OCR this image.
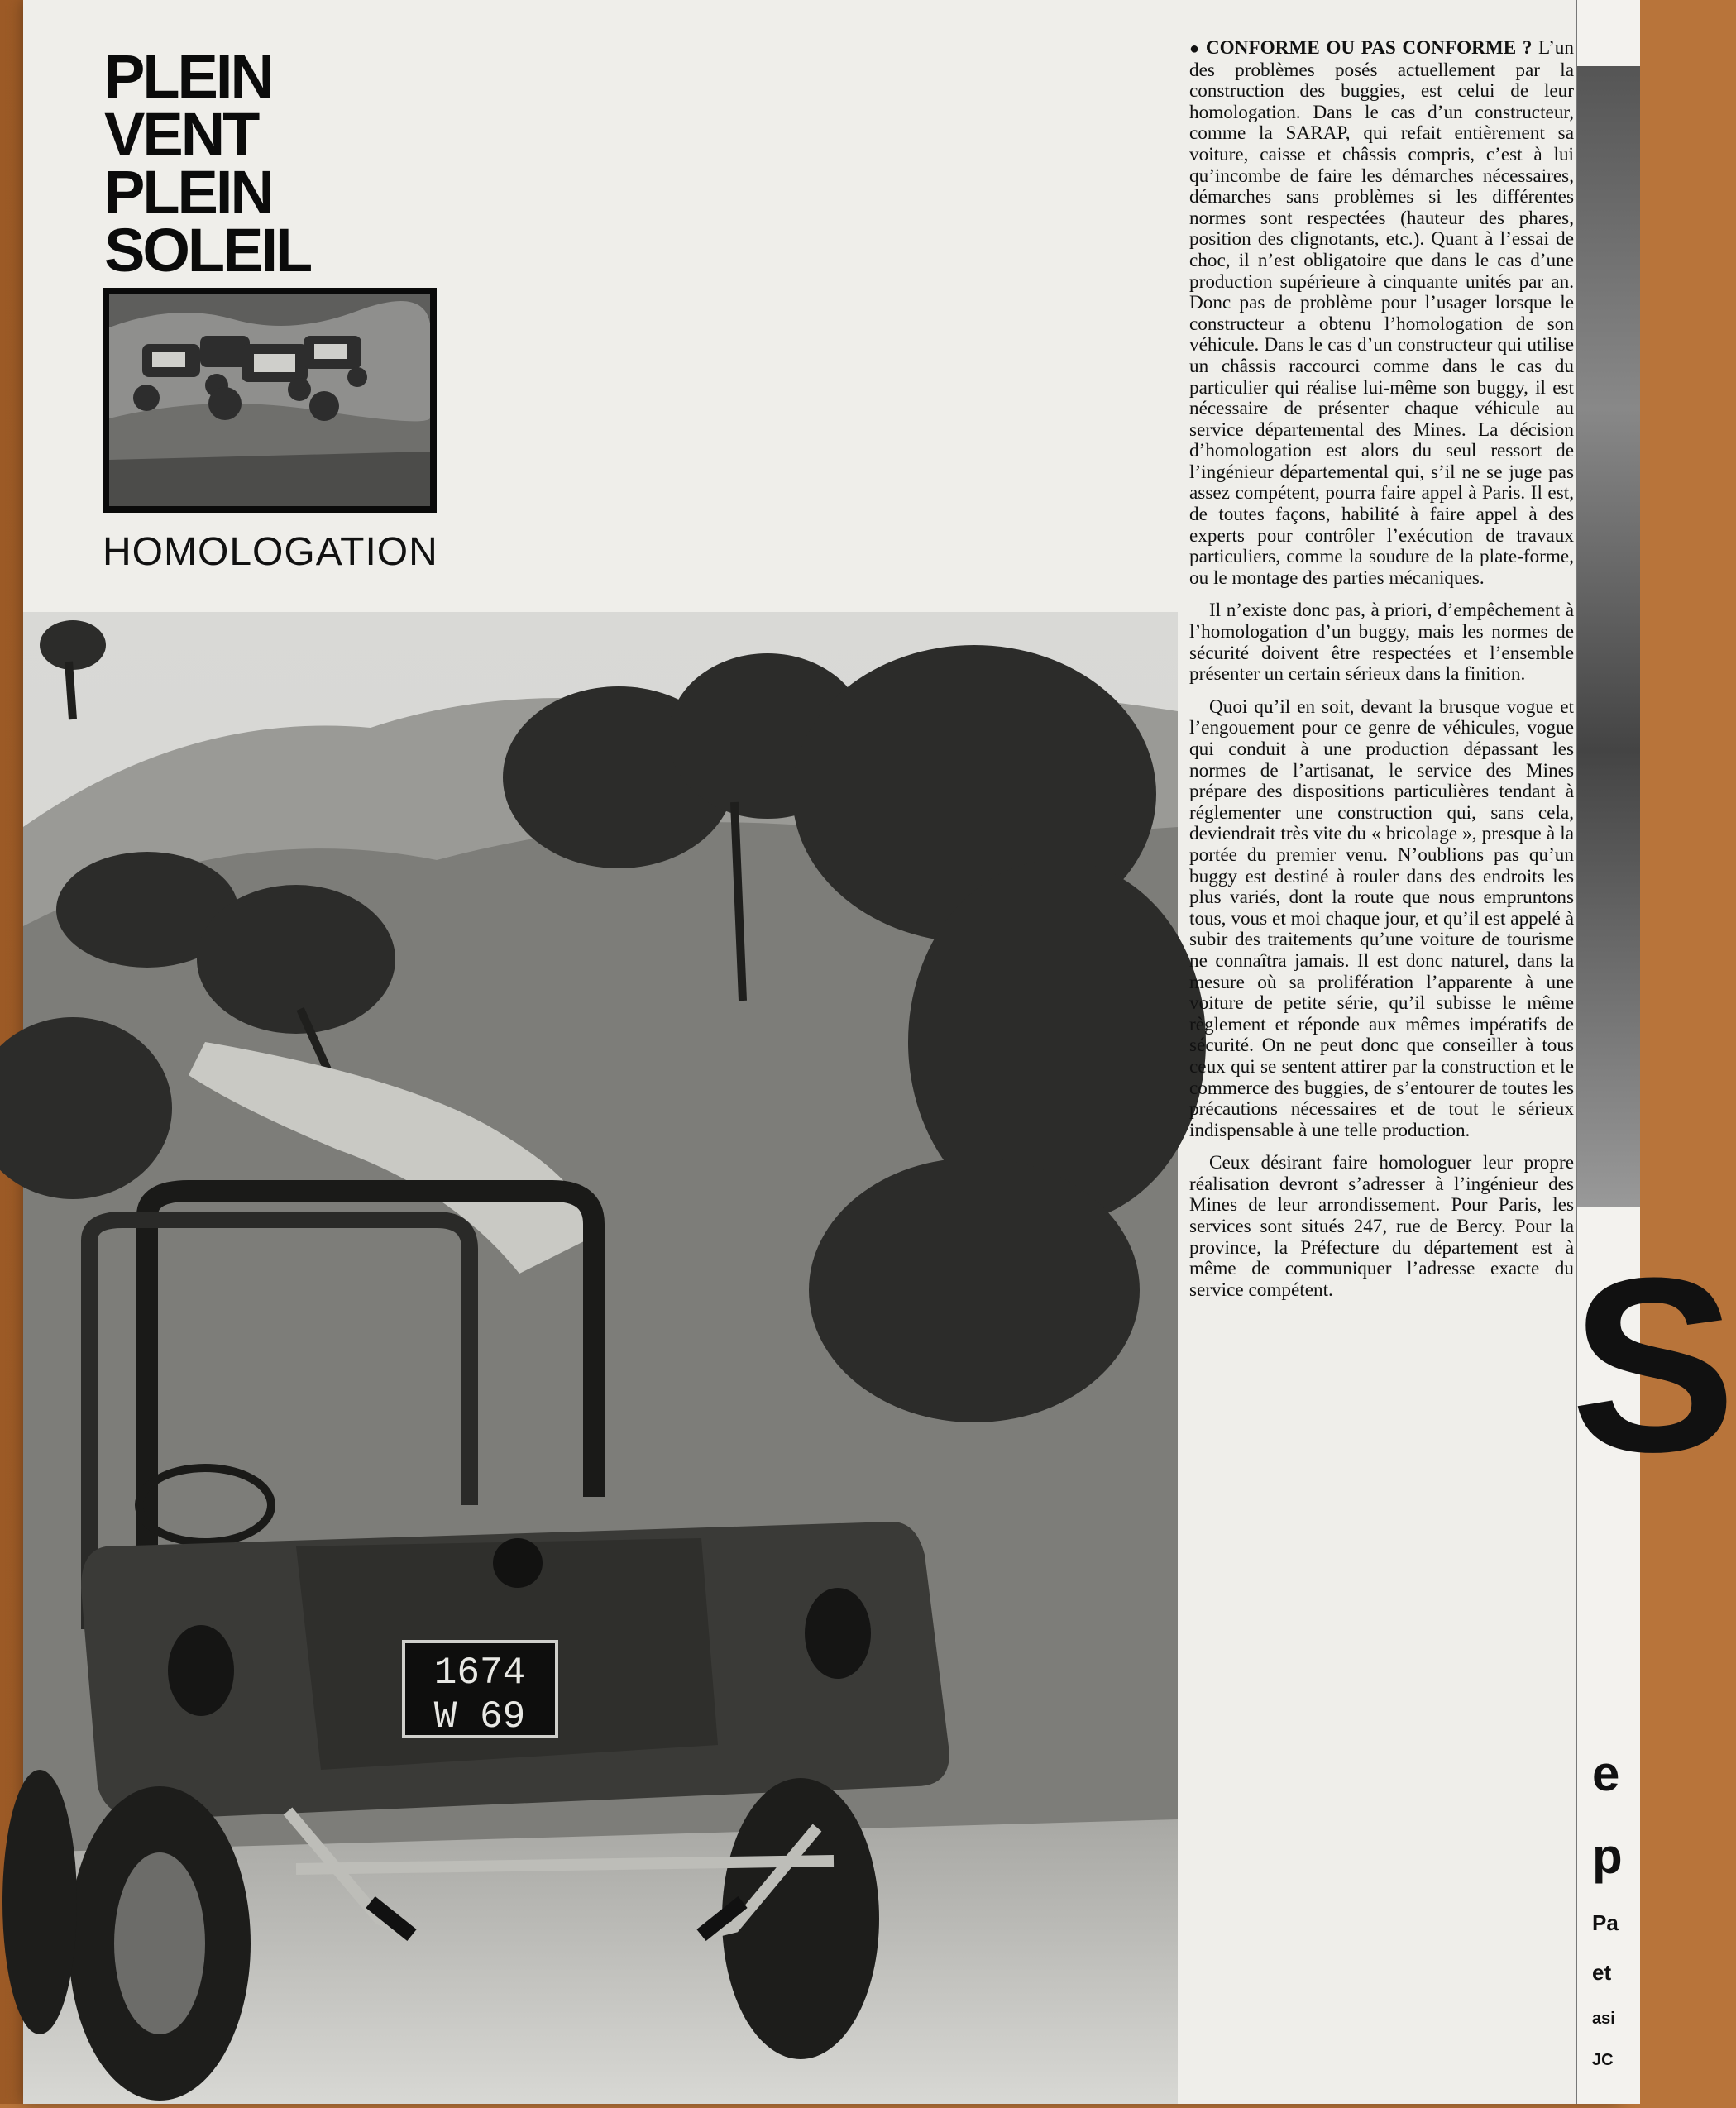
PLEIN
VENT
PLEIN
SOLEIL
HOMOLOGATION
1674
W 69

● CONFORME OU PAS CONFORME ? L’un des problèmes posés actuellement par la construction des buggies, est celui de leur homologation. Dans le cas d’un constructeur, comme la SARAP, qui refait entièrement sa voiture, caisse et châssis compris, c’est à lui qu’incombe de faire les démarches nécessaires, démarches sans problèmes si les différentes normes sont respectées (hauteur des phares, position des clignotants, etc.). Quant à l’essai de choc, il n’est obligatoire que dans le cas d’une production supérieure à cinquante unités par an. Donc pas de problème pour l’usager lorsque le constructeur a obtenu l’homologation de son véhicule. Dans le cas d’un constructeur qui utilise un châssis raccourci comme dans le cas du particulier qui réalise lui-même son buggy, il est nécessaire de présenter chaque véhicule au service départemental des Mines. La décision d’homologation est alors du seul ressort de l’ingénieur départemental qui, s’il ne se juge pas assez compétent, pourra faire appel à Paris. Il est, de toutes façons, habilité à faire appel à des experts pour contrôler l’exécution de travaux particuliers, comme la soudure de la plate-forme, ou le montage des parties mécaniques.

Il n’existe donc pas, à priori, d’empêchement à l’homologation d’un buggy, mais les normes de sécurité doivent être respectées et l’ensemble présenter un certain sérieux dans la finition.

Quoi qu’il en soit, devant la brusque vogue et l’engouement pour ce genre de véhicules, vogue qui conduit à une production dépassant les normes de l’artisanat, le service des Mines prépare des dispositions particulières tendant à réglementer une construction qui, sans cela, deviendrait très vite du « bricolage », presque à la portée du premier venu. N’oublions pas qu’un buggy est destiné à rouler dans des endroits les plus variés, dont la route que nous empruntons tous, vous et moi chaque jour, et qu’il est appelé à subir des traitements qu’une voiture de tourisme ne connaîtra jamais. Il est donc naturel, dans la mesure où sa prolifération l’apparente à une voiture de petite série, qu’il subisse le même règlement et réponde aux mêmes impératifs de sécurité. On ne peut donc que conseiller à tous ceux qui se sentent attirer par la construction et le commerce des buggies, de s’entourer de toutes les précautions nécessaires et de tout le sérieux indispensable à une telle production.

Ceux désirant faire homologuer leur propre réalisation devront s’adresser à l’ingénieur des Mines de leur arrondissement. Pour Paris, les services sont situés 247, rue de Bercy. Pour la province, la Préfecture du département est à même de communiquer l’adresse exacte du service compétent. S
e
p
Pa
et
asi
JC
